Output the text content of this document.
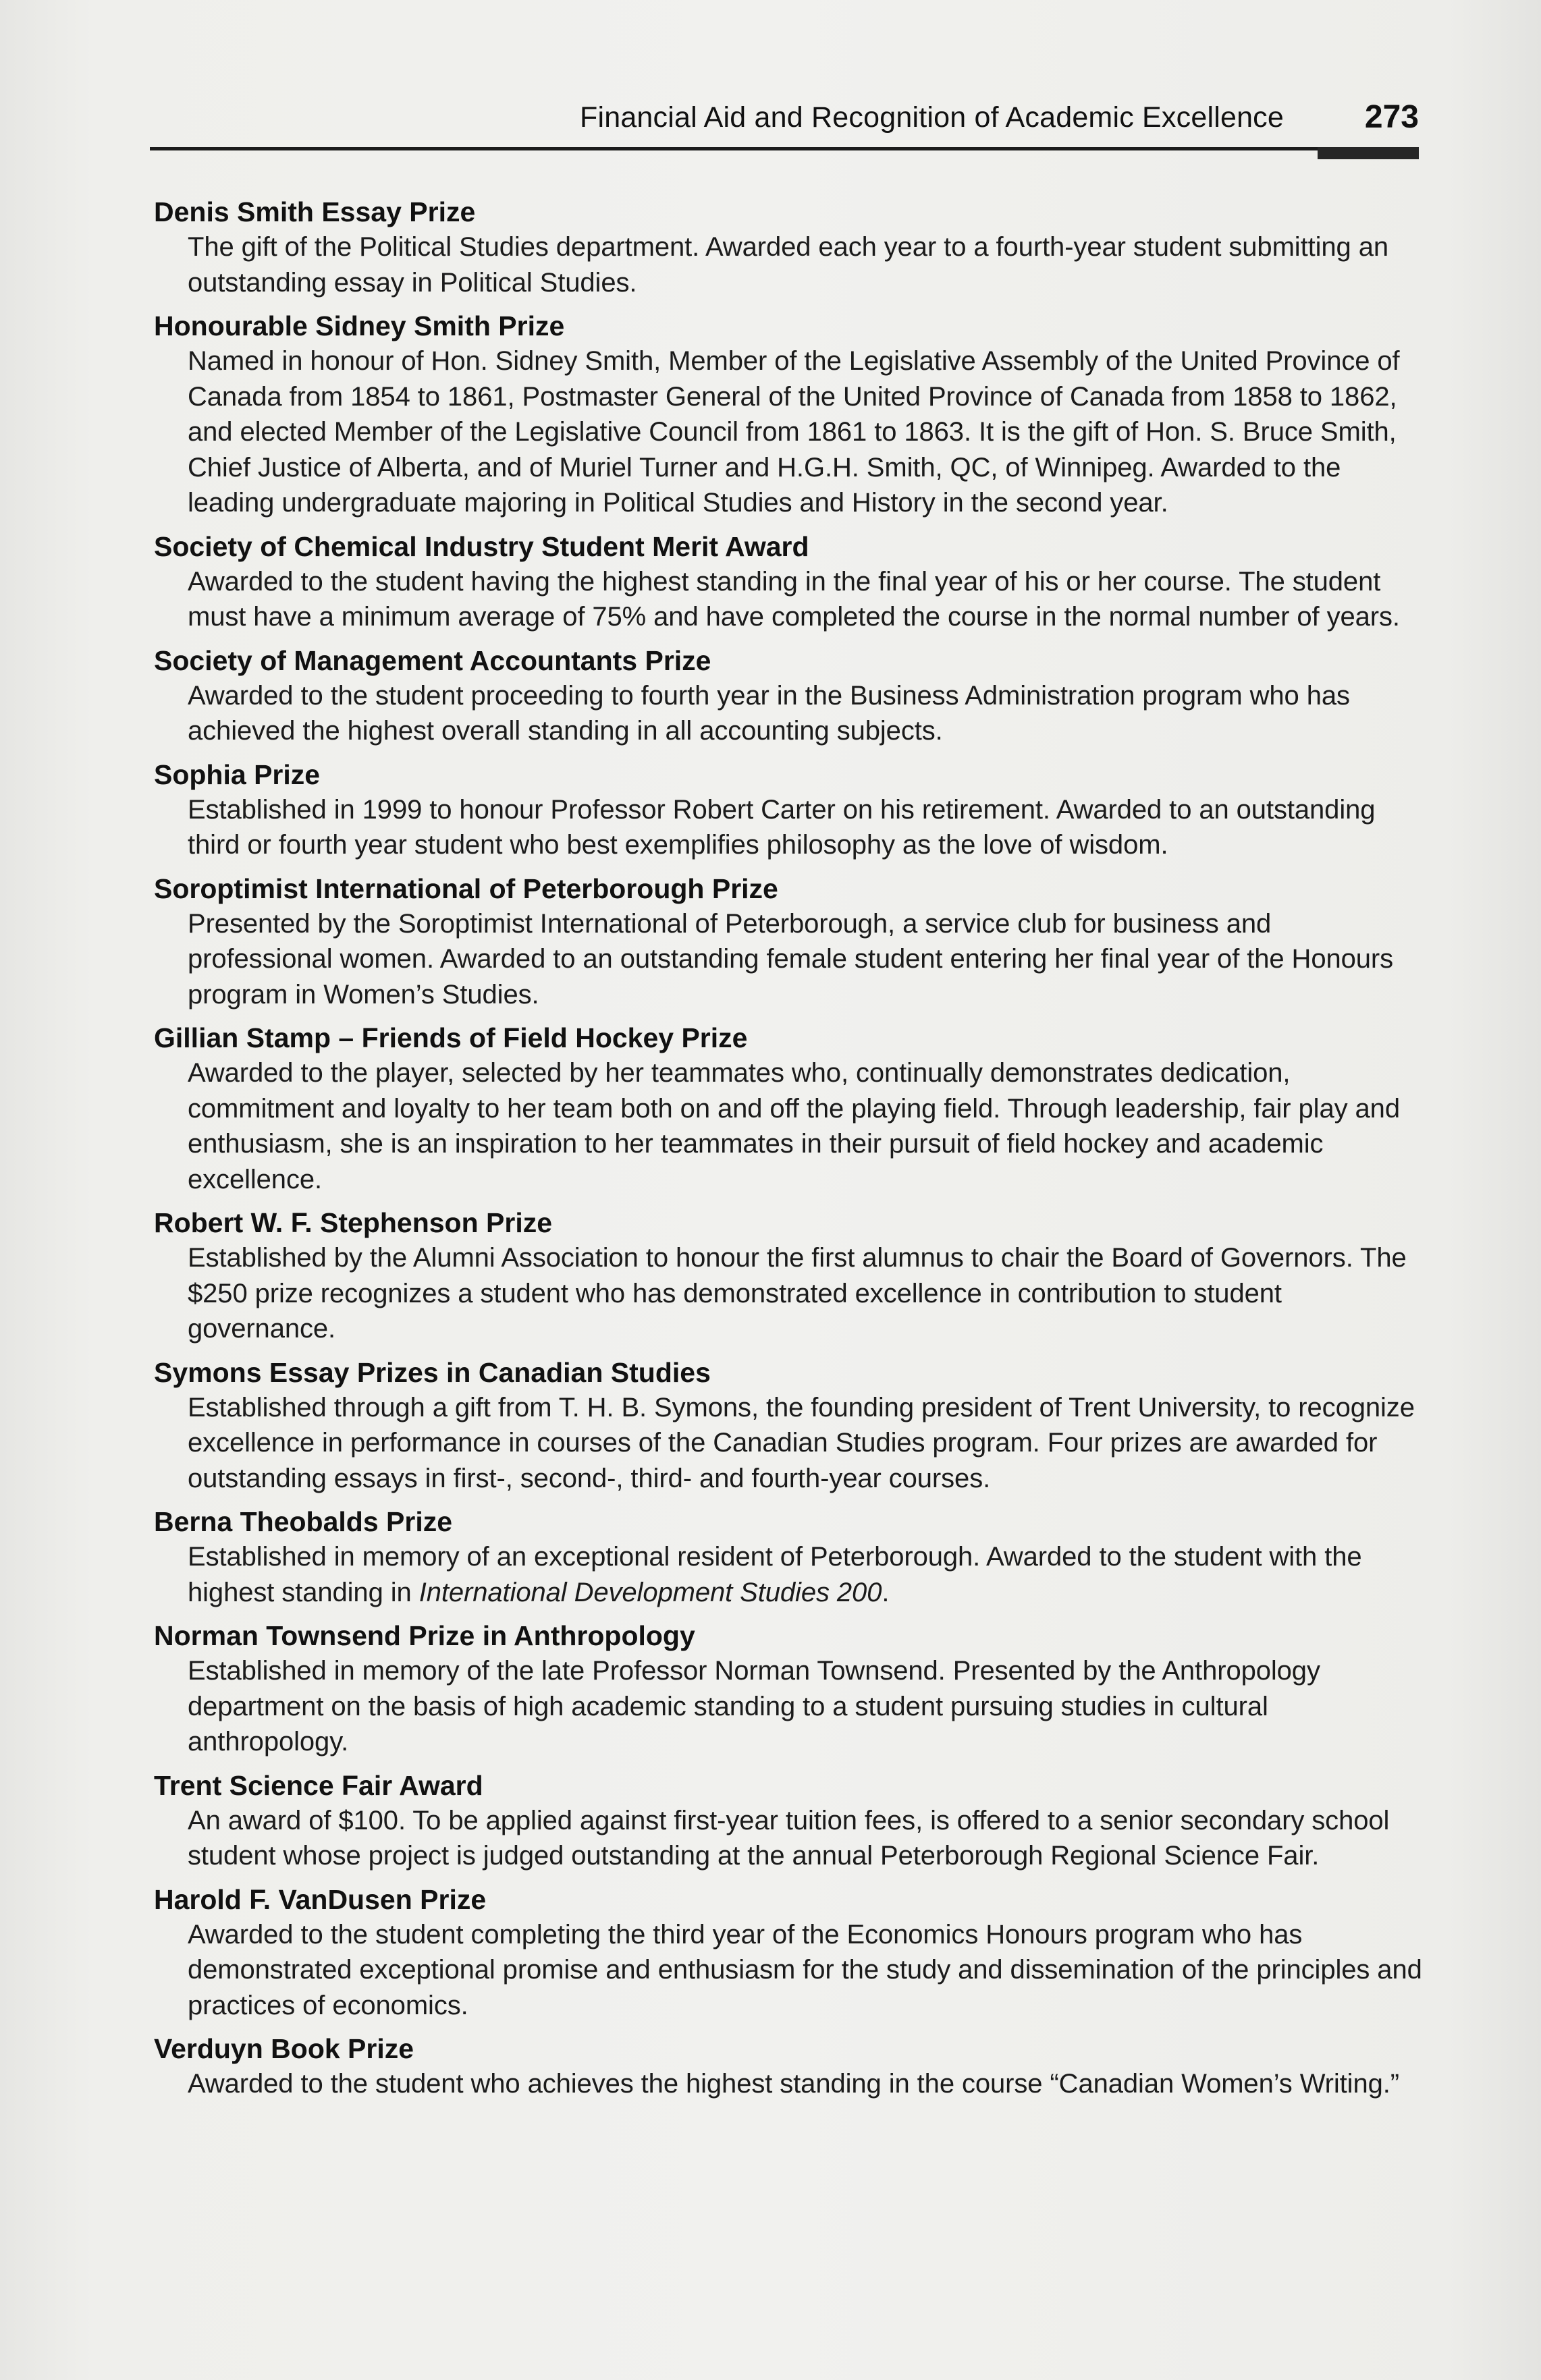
Financial Aid and Recognition of Academic Excellence 273
Denis Smith Essay Prize
The gift of the Political Studies department. Awarded each year to a fourth-year student submitting an outstanding essay in Political Studies.
Honourable Sidney Smith Prize
Named in honour of Hon. Sidney Smith, Member of the Legislative Assembly of the United Province of Canada from 1854 to 1861, Postmaster General of the United Province of Canada from 1858 to 1862, and elected Member of the Legislative Council from 1861 to 1863. It is the gift of Hon. S. Bruce Smith, Chief Justice of Alberta, and of Muriel Turner and H.G.H. Smith, QC, of Winnipeg. Awarded to the leading undergraduate majoring in Political Studies and History in the second year.
Society of Chemical Industry Student Merit Award
Awarded to the student having the highest standing in the final year of his or her course. The student must have a minimum average of 75% and have completed the course in the normal number of years.
Society of Management Accountants Prize
Awarded to the student proceeding to fourth year in the Business Administration program who has achieved the highest overall standing in all accounting subjects.
Sophia Prize
Established in 1999 to honour Professor Robert Carter on his retirement. Awarded to an outstanding third or fourth year student who best exemplifies philosophy as the love of wisdom.
Soroptimist International of Peterborough Prize
Presented by the Soroptimist International of Peterborough, a service club for business and professional women. Awarded to an outstanding female student entering her final year of the Honours program in Women’s Studies.
Gillian Stamp – Friends of Field Hockey Prize
Awarded to the player, selected by her teammates who, continually demonstrates dedication, commitment and loyalty to her team both on and off the playing field. Through leadership, fair play and enthusiasm, she is an inspiration to her teammates in their pursuit of field hockey and academic excellence.
Robert W. F. Stephenson Prize
Established by the Alumni Association to honour the first alumnus to chair the Board of Governors. The $250 prize recognizes a student who has demonstrated excellence in contribution to student governance.
Symons Essay Prizes in Canadian Studies
Established through a gift from T. H. B. Symons, the founding president of Trent University, to recognize excellence in performance in courses of the Canadian Studies program. Four prizes are awarded for outstanding essays in first-, second-, third- and fourth-year courses.
Berna Theobalds Prize
Established in memory of an exceptional resident of Peterborough. Awarded to the student with the highest standing in International Development Studies 200.
Norman Townsend Prize in Anthropology
Established in memory of the late Professor Norman Townsend. Presented by the Anthropology department on the basis of high academic standing to a student pursuing studies in cultural anthropology.
Trent Science Fair Award
An award of $100. To be applied against first-year tuition fees, is offered to a senior secondary school student whose project is judged outstanding at the annual Peterborough Regional Science Fair.
Harold F. VanDusen Prize
Awarded to the student completing the third year of the Economics Honours program who has demonstrated exceptional promise and enthusiasm for the study and dissemination of the principles and practices of economics.
Verduyn Book Prize
Awarded to the student who achieves the highest standing in the course “Canadian Women’s Writing.”
